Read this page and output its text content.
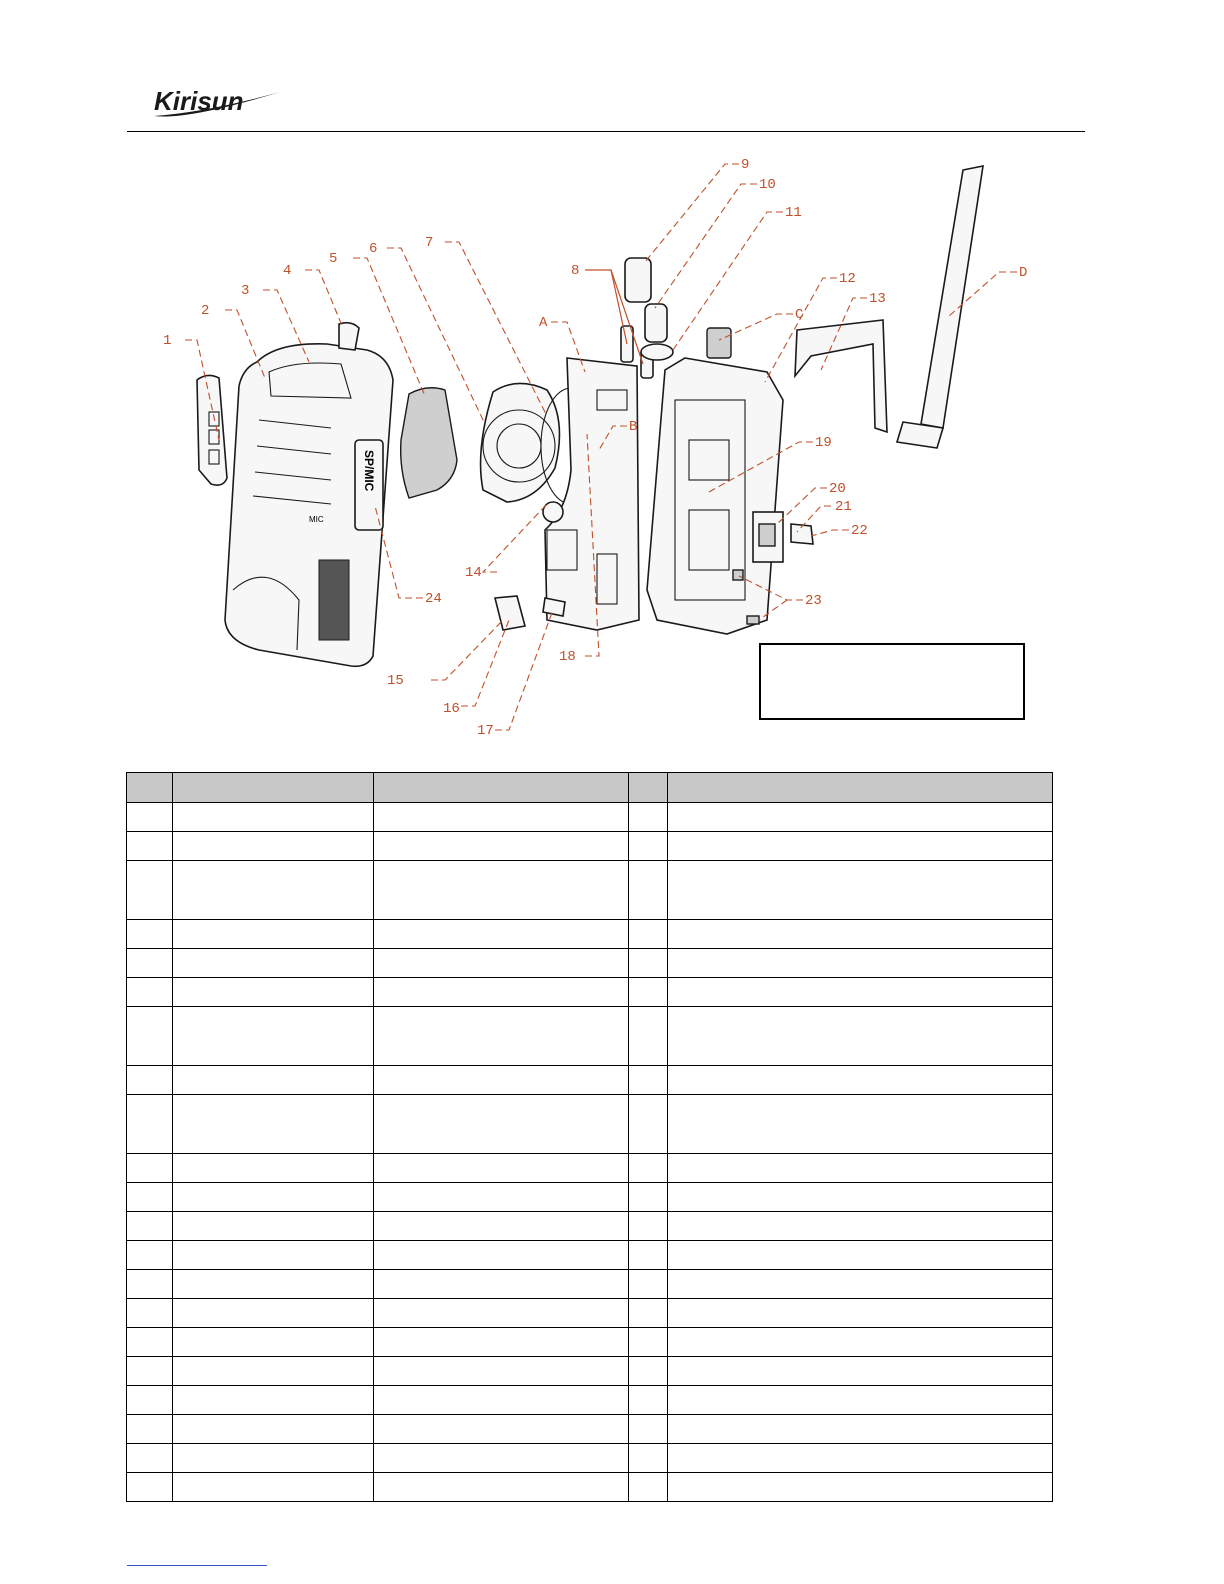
Kirisun
SP/MIC
MIC
1
2
3
4
5
6	7
8
9
10
11
12
13
14
15
16
17
18
19
20
21
22
23
24
A
B
C
D
